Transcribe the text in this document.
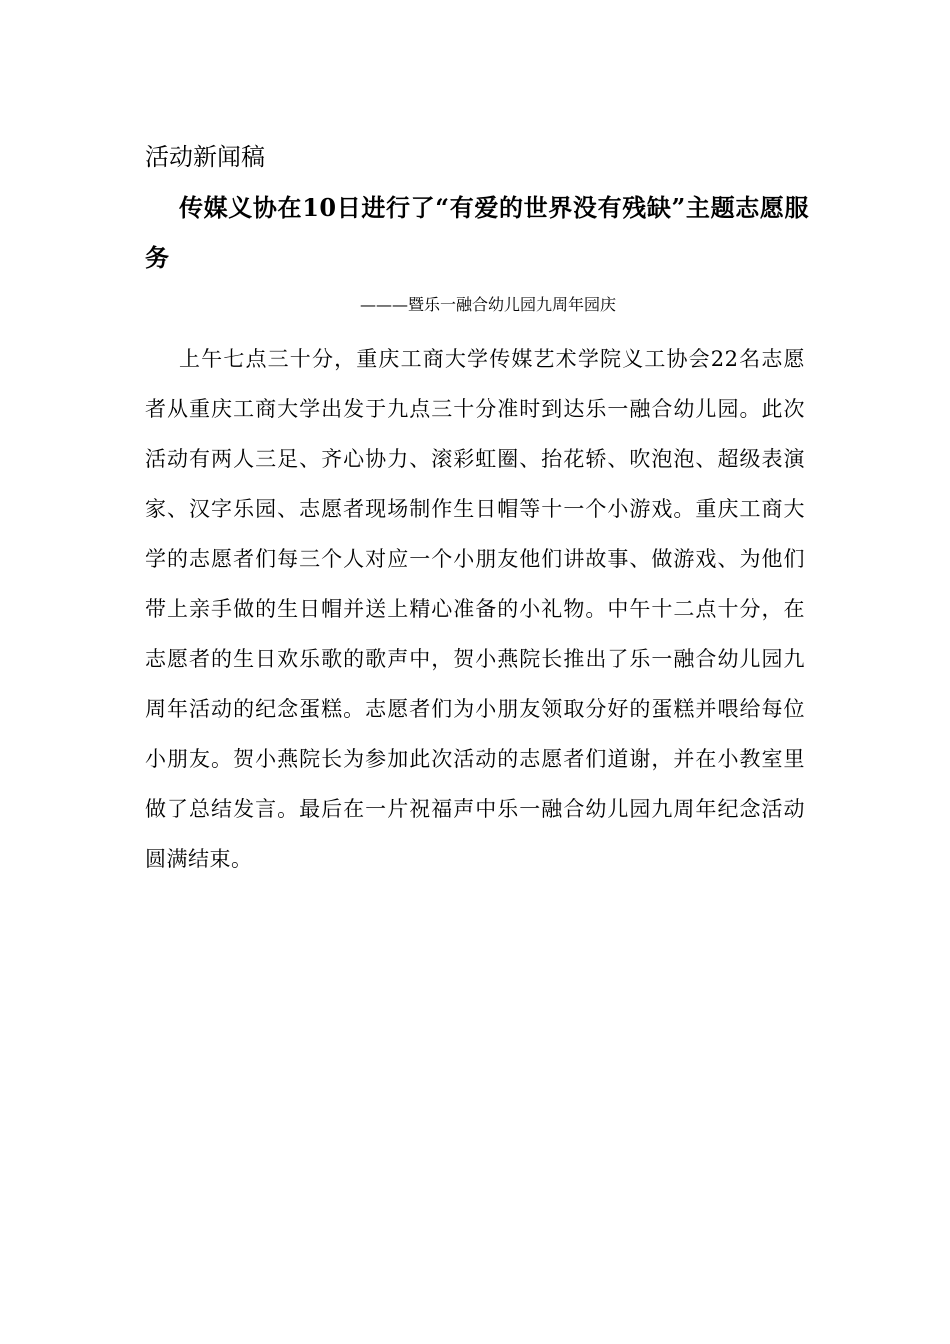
活动新闻稿
传媒义协在10日进行了“有爱的世界没有残缺”主题志愿服务
———暨乐一融合幼儿园九周年园庆
上午七点三十分，重庆工商大学传媒艺术学院义工协会22名志愿者从重庆工商大学出发于九点三十分准时到达乐一融合幼儿园。此次活动有两人三足、齐心协力、滚彩虹圈、抬花轿、吹泡泡、超级表演家、汉字乐园、志愿者现场制作生日帽等十一个小游戏。重庆工商大学的志愿者们每三个人对应一个小朋友他们讲故事、做游戏、为他们带上亲手做的生日帽并送上精心准备的小礼物。中午十二点十分，在志愿者的生日欢乐歌的歌声中，贺小燕院长推出了乐一融合幼儿园九周年活动的纪念蛋糕。志愿者们为小朋友领取分好的蛋糕并喂给每位小朋友。贺小燕院长为参加此次活动的志愿者们道谢，并在小教室里做了总结发言。最后在一片祝福声中乐一融合幼儿园九周年纪念活动圆满结束。
